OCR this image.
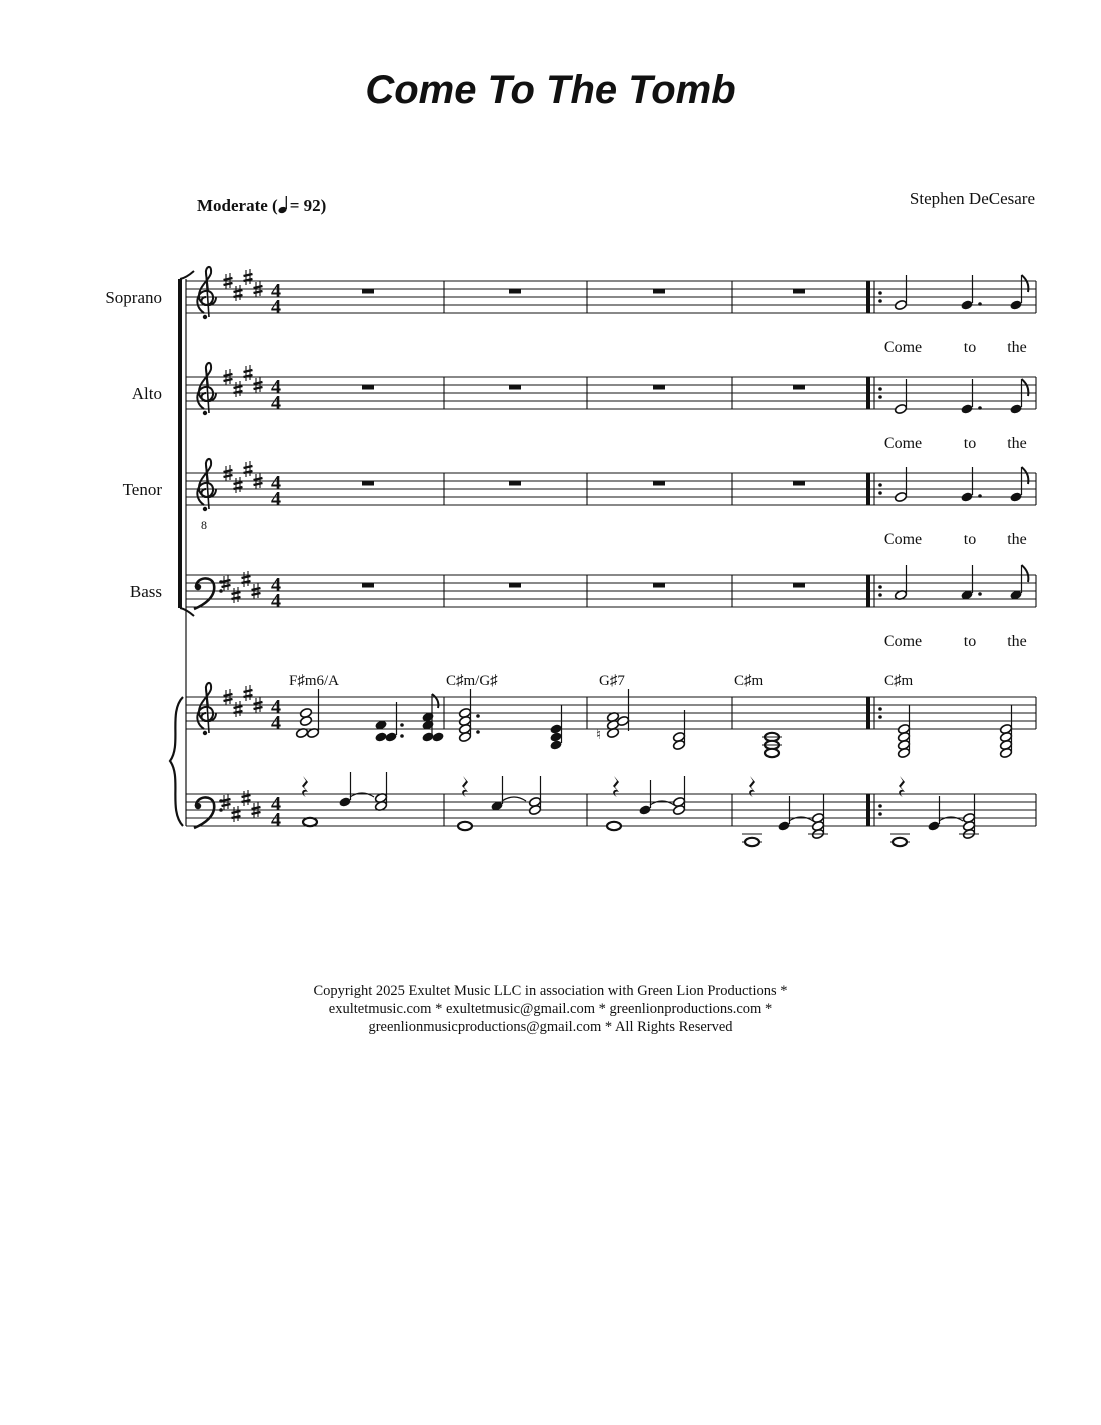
Come To The Tomb
Moderate ( = 92)	Stephen DeCesare
Soprano
Alto
Tenor
Bass
Come	to the
Come	to the
Come	to the
Come	to the
F♯m6/A	C♯m/G♯	G♯7	C♯m	C♯m
8
4
4
4
4
4
4
4
4
4
4
4
4
♮
Copyright 2025 Exultet Music LLC in association with Green Lion Productions *
exultetmusic.com * exultetmusic@gmail.com * greenlionproductions.com *
greenlionmusicproductions@gmail.com * All Rights Reserved
